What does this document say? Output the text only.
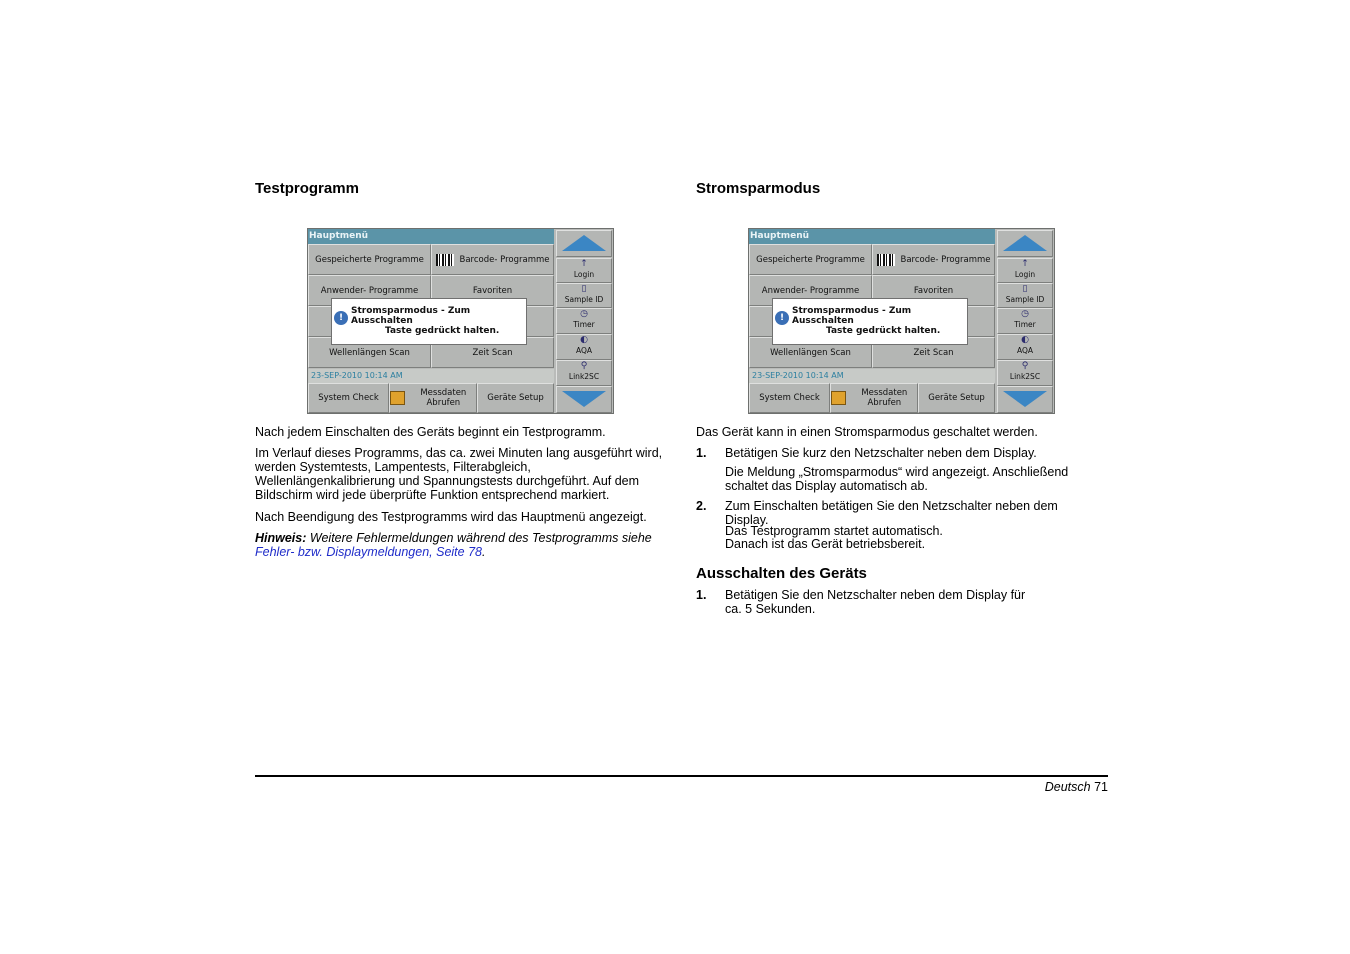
Testprogramm
Hauptmenü
Gespeicherte Programme	Barcode- Programme
Anwender- Programme	Favoriten
Wellenlängen Scan	Zeit Scan
23-SEP-2010 10:14 AM
System Check	Messdaten Abrufen	Geräte Setup
↑
Login
▯
Sample ID
◷
Timer
◐
AQA
⚲
Link2SC
!
Stromsparmodus - Zum Ausschalten
Taste gedrückt halten.

Nach jedem Einschalten des Geräts beginnt ein Testprogramm.

Im Verlauf dieses Programms, das ca. zwei Minuten lang ausgeführt wird, werden Systemtests, Lampentests, Filterabgleich, Wellenlängenkalibrierung und Spannungstests durchgeführt. Auf dem Bildschirm wird jede überprüfte Funktion entsprechend markiert.

Nach Beendigung des Testprogramms wird das Hauptmenü angezeigt.

Hinweis: Weitere Fehlermeldungen während des Testprogramms siehe Fehler- bzw. Displaymeldungen, Seite 78.

Stromsparmodus
Hauptmenü
Gespeicherte Programme	Barcode- Programme
Anwender- Programme	Favoriten
Wellenlängen Scan	Zeit Scan
23-SEP-2010 10:14 AM
System Check	Messdaten Abrufen	Geräte Setup
↑
Login
▯
Sample ID
◷
Timer
◐
AQA
⚲
Link2SC
!
Stromsparmodus - Zum Ausschalten
Taste gedrückt halten.

Das Gerät kann in einen Stromsparmodus geschaltet werden.

1. Betätigen Sie kurz den Netzschalter neben dem Display.

Die Meldung „Stromsparmodus“ wird angezeigt. Anschließend schaltet das Display automatisch ab.

2. Zum Einschalten betätigen Sie den Netzschalter neben dem Display.

Das Testprogramm startet automatisch.

Danach ist das Gerät betriebsbereit.

Ausschalten des Geräts
1. Betätigen Sie den Netzschalter neben dem Display für ca. 5 Sekunden.

Deutsch 71
